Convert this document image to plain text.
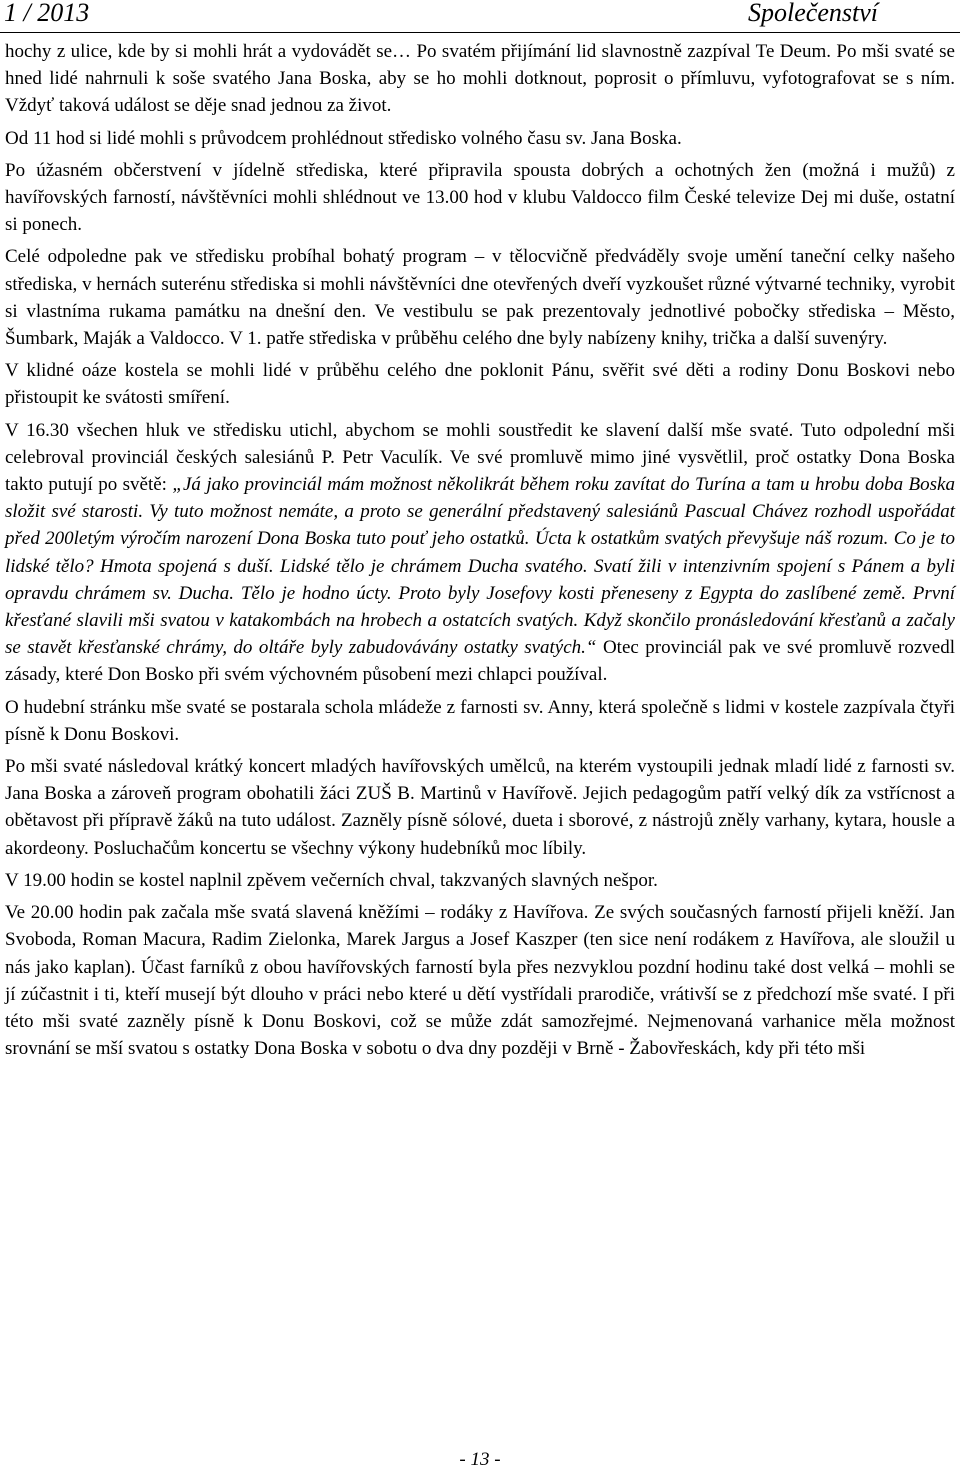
1 / 2013	Společenství

hochy z ulice, kde by si mohli hrát a vydovádět se… Po svatém přijímání lid slavnostně zazpíval Te Deum. Po mši svaté se hned lidé nahrnuli k soše svatého Jana Boska, aby se ho mohli dotknout, poprosit o přímluvu, vyfotografovat se s ním. Vždyť taková událost se děje snad jednou za život.

Od 11 hod si lidé mohli s průvodcem prohlédnout středisko volného času sv. Jana Boska.

Po úžasném občerstvení v jídelně střediska, které připravila spousta dobrých a ochotných žen (možná i mužů) z havířovských farností, návštěvníci mohli shlédnout ve 13.00 hod v klubu Valdocco film České televize Dej mi duše, ostatní si ponech.

Celé odpoledne pak ve středisku probíhal bohatý program – v tělocvičně předváděly svoje umění taneční celky našeho střediska, v hernách suterénu střediska si mohli návštěvníci dne otevřených dveří vyzkoušet různé výtvarné techniky, vyrobit si vlastníma rukama památku na dnešní den. Ve vestibulu se pak prezentovaly jednotlivé pobočky střediska – Město, Šumbark, Maják a Valdocco. V 1. patře střediska v průběhu celého dne byly nabízeny knihy, trička a další suvenýry.

V klidné oáze kostela se mohli lidé v průběhu celého dne poklonit Pánu, svěřit své děti a rodiny Donu Boskovi nebo přistoupit ke svátosti smíření.

V 16.30 všechen hluk ve středisku utichl, abychom se mohli soustředit ke slavení další mše svaté. Tuto odpolední mši celebroval provinciál českých salesiánů P. Petr Vaculík. Ve své promluvě mimo jiné vysvětlil, proč ostatky Dona Boska takto putují po světě: „Já jako provinciál mám možnost několikrát během roku zavítat do Turína a tam u hrobu doba Boska složit své starosti. Vy tuto možnost nemáte, a proto se generální představený salesiánů Pascual Chávez rozhodl uspořádat před 200letým výročím narození Dona Boska tuto pouť jeho ostatků. Úcta k ostatkům svatých převyšuje náš rozum. Co je to lidské tělo? Hmota spojená s duší. Lidské tělo je chrámem Ducha svatého. Svatí žili v intenzivním spojení s Pánem a byli opravdu chrámem sv. Ducha. Tělo je hodno úcty. Proto byly Josefovy kosti přeneseny z Egypta do zaslíbené země. První křesťané slavili mši svatou v katakombách na hrobech a ostatcích svatých. Když skončilo pronásledování křesťanů a začaly se stavět křesťanské chrámy, do oltáře byly zabudovávány ostatky svatých.“ Otec provinciál pak ve své promluvě rozvedl zásady, které Don Bosko při svém výchovném působení mezi chlapci používal.

O hudební stránku mše svaté se postarala schola mládeže z farnosti sv. Anny, která společně s lidmi v kostele zazpívala čtyři písně k Donu Boskovi.

Po mši svaté následoval krátký koncert mladých havířovských umělců, na kterém vystoupili jednak mladí lidé z farnosti sv. Jana Boska a zároveň program obohatili žáci ZUŠ B. Martinů v Havířově. Jejich pedagogům patří velký dík za vstřícnost a obětavost při přípravě žáků na tuto událost. Zazněly písně sólové, dueta i sborové, z nástrojů zněly varhany, kytara, housle a akordeony. Posluchačům koncertu se všechny výkony hudebníků moc líbily.

V 19.00 hodin se kostel naplnil zpěvem večerních chval, takzvaných slavných nešpor.

Ve 20.00 hodin pak začala mše svatá slavená kněžími – rodáky z Havířova. Ze svých současných farností přijeli kněží. Jan Svoboda, Roman Macura, Radim Zielonka, Marek Jargus a Josef Kaszper (ten sice není rodákem z Havířova, ale sloužil u nás jako kaplan). Účast farníků z obou havířovských farností byla přes nezvyklou pozdní hodinu také dost velká – mohli se jí zúčastnit i ti, kteří musejí být dlouho v práci nebo které u dětí vystřídali prarodiče, vrátivší se z předchozí mše svaté. I při této mši svaté zazněly písně k Donu Boskovi, což se může zdát samozřejmé. Nejmenovaná varhanice měla možnost srovnání se mší svatou s ostatky Dona Boska v sobotu o dva dny později v Brně - Žabovřeskách, kdy při této mši

- 13 -
